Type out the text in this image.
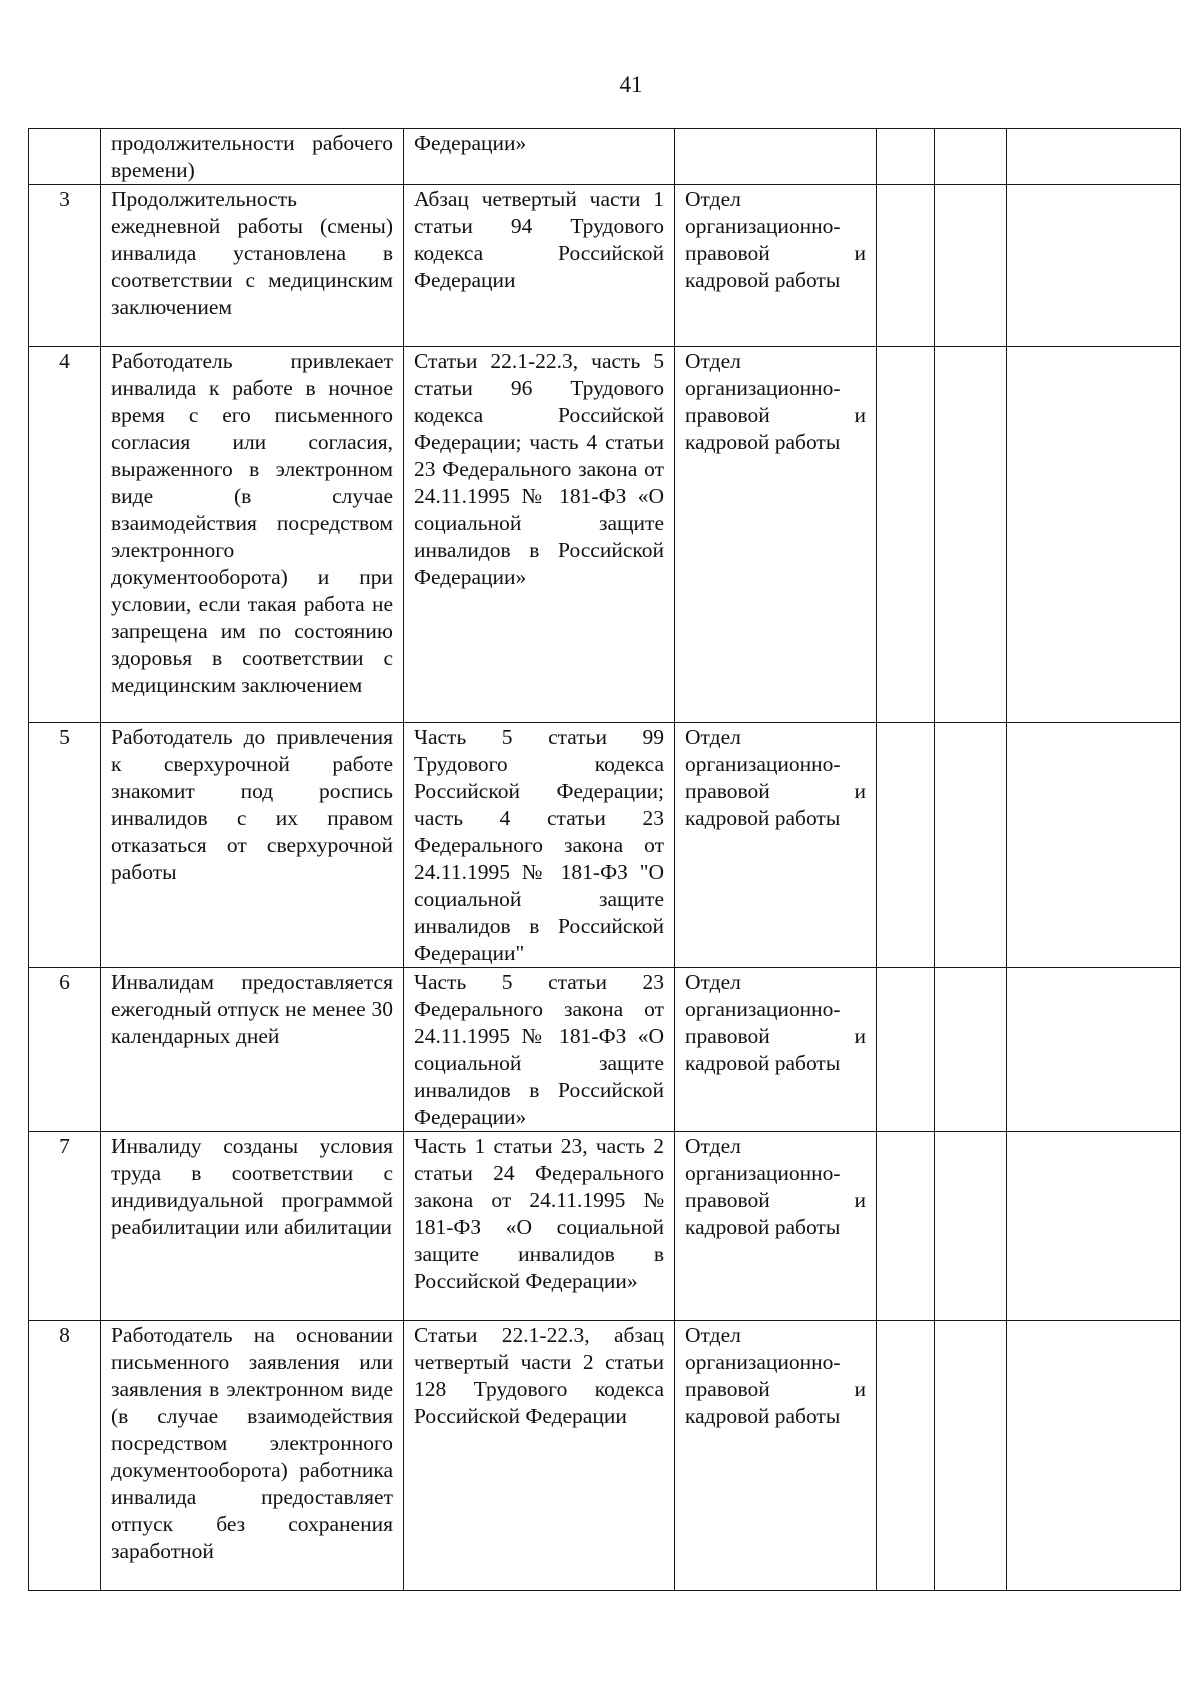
41
	продолжительности рабочего времени)	Федерации»				
3	Продолжительность ежедневной работы (смены) инвалида установлена в соответствии с медицинским заключением	Абзац четвертый части 1 статьи 94 Трудового кодекса Российской Федерации	Отдел организационно-правовой и кадровой работы			
4	Работодатель привлекает инвалида к работе в ночное время с его письменного согласия или согласия, выраженного в электронном виде (в случае взаимодействия посредством электронного документооборота) и при условии, если такая работа не запрещена им по состоянию здоровья в соответствии с медицинским заключением	Статьи 22.1-22.3, часть 5 статьи 96 Трудового кодекса Российской Федерации; часть 4 статьи 23 Федерального закона от 24.11.1995 № 181-ФЗ «О социальной защите инвалидов в Российской Федерации»	Отдел организационно-правовой и кадровой работы			
5	Работодатель до привлечения к сверхурочной работе знакомит под роспись инвалидов с их правом отказаться от сверхурочной работы	Часть 5 статьи 99 Трудового кодекса Российской Федерации; часть 4 статьи 23 Федерального закона от 24.11.1995 № 181-ФЗ "О социальной защите инвалидов в Российской Федерации"	Отдел организационно-правовой и кадровой работы			
6	Инвалидам предоставляется ежегодный отпуск не менее 30 календарных дней	Часть 5 статьи 23 Федерального закона от 24.11.1995 № 181-ФЗ «О социальной защите инвалидов в Российской Федерации»	Отдел организационно-правовой и кадровой работы			
7	Инвалиду созданы условия труда в соответствии с индивидуальной программой реабилитации или абилитации	Часть 1 статьи 23, часть 2 статьи 24 Федерального закона от 24.11.1995 № 181-ФЗ «О социальной защите инвалидов в Российской Федерации»	Отдел организационно-правовой и кадровой работы			
8	Работодатель на основании письменного заявления или заявления в электронном виде (в случае взаимодействия посредством электронного документооборота) работника инвалида предоставляет отпуск без сохранения заработной	Статьи 22.1-22.3, абзац четвертый части 2 статьи 128 Трудового кодекса Российской Федерации	Отдел организационно-правовой и кадровой работы			
